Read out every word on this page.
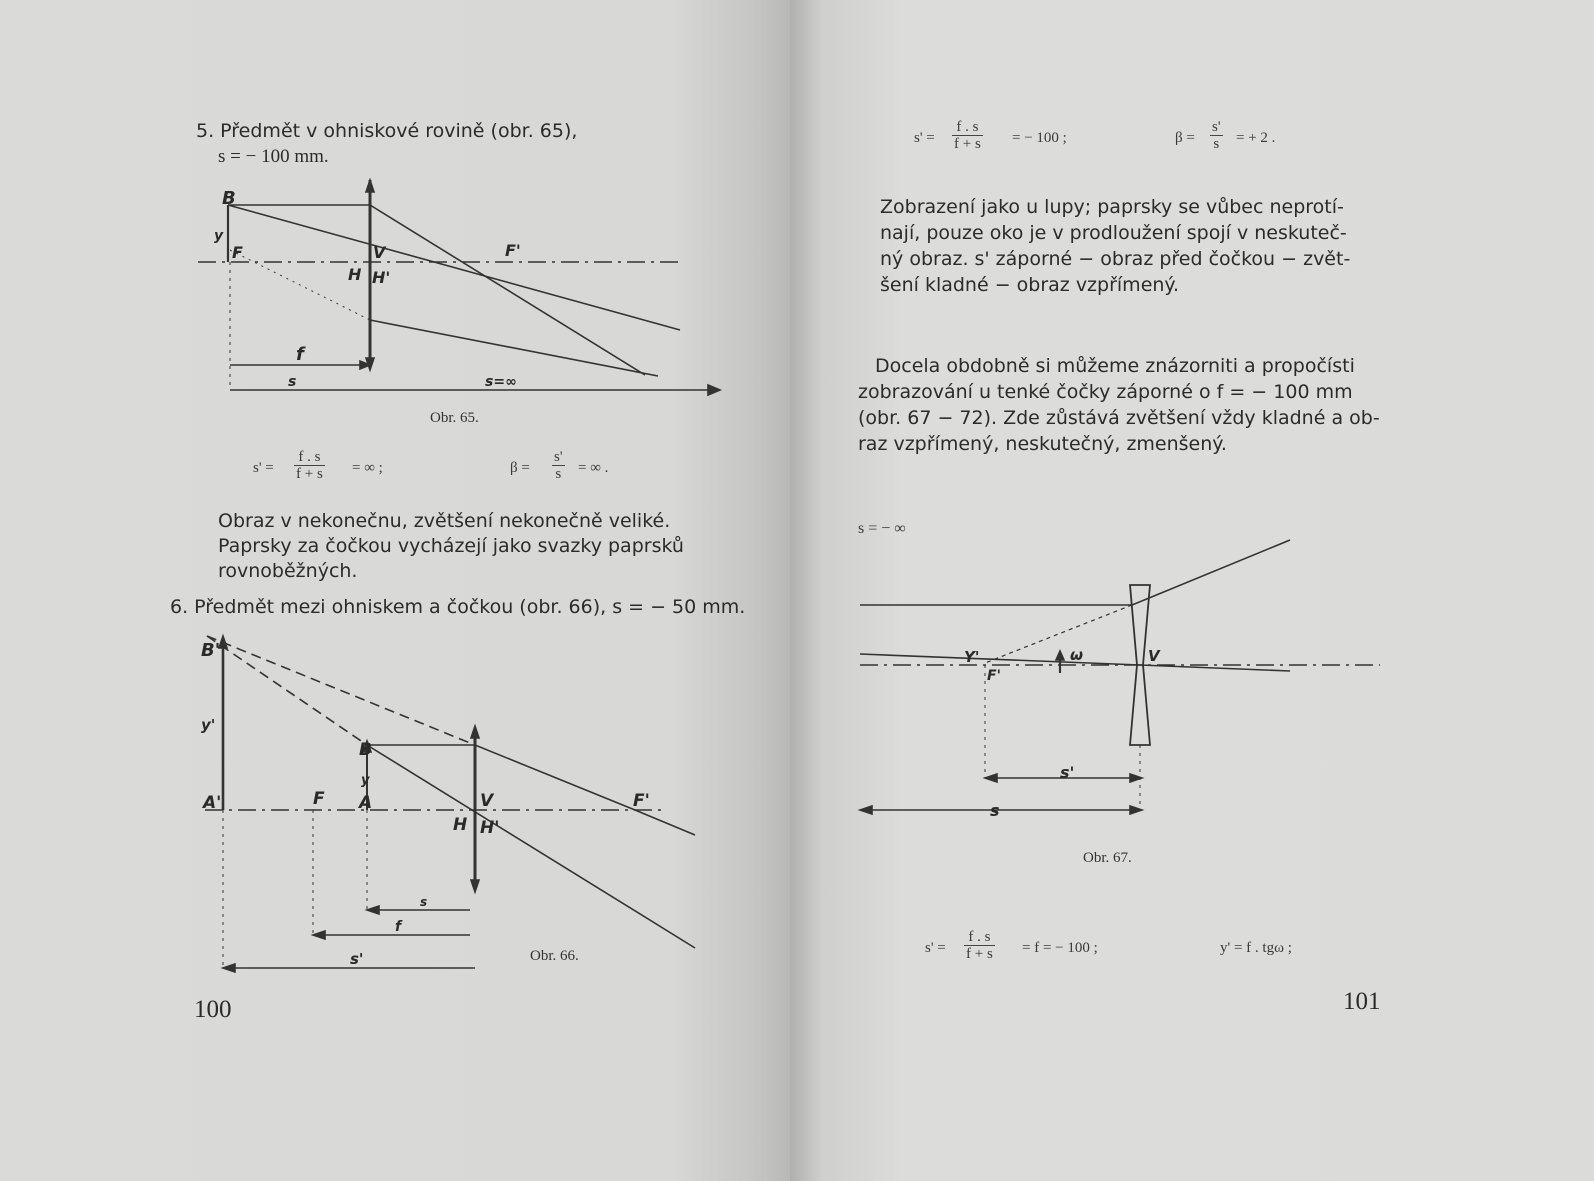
5. Předmět v ohniskové rovině (obr. 65),
s = − 100 mm.
B
y
F	V	F'
H H'
f
s	s=∞
Obr. 65.
$s' = \frac{f . s}{f + s}$ = ∞ ;	$\beta = \frac{s'}{s}$ = ∞ .
Obraz v nekonečnu, zvětšení nekonečně veliké.
Paprsky za čočkou vycházejí jako svazky paprsků
rovnoběžných.
6. Předmět mezi ohniskem a čočkou (obr. 66), s = − 50 mm.
B'
y'
A'	F
B
y
A	V
H H'
F'
s
f
s'	Obr. 66.
100
$s' = \frac{f . s}{f + s}$ = − 100 ;	$\beta = \frac{s'}{s}$ = + 2 .
Zobrazení jako u lupy; paprsky se vůbec neprotí-
nají, pouze oko je v prodloužení spojí v neskuteč-
ný obraz. s' záporné − obraz před čočkou − zvět-
šení kladné − obraz vzpřímený.
Docela obdobně si můžeme znázorniti a propočísti
zobrazování u tenké čočky záporné o f = − 100 mm
(obr. 67 − 72). Zde zůstává zvětšení vždy kladné a ob-
raz vzpřímený, neskutečný, zmenšený.
s = − ∞
Y'
F'
ω	V
s'
s
Obr. 67.
$s' = \frac{f . s}{f + s} = f$ = − 100 ;	y' = f . tgω ;
101
